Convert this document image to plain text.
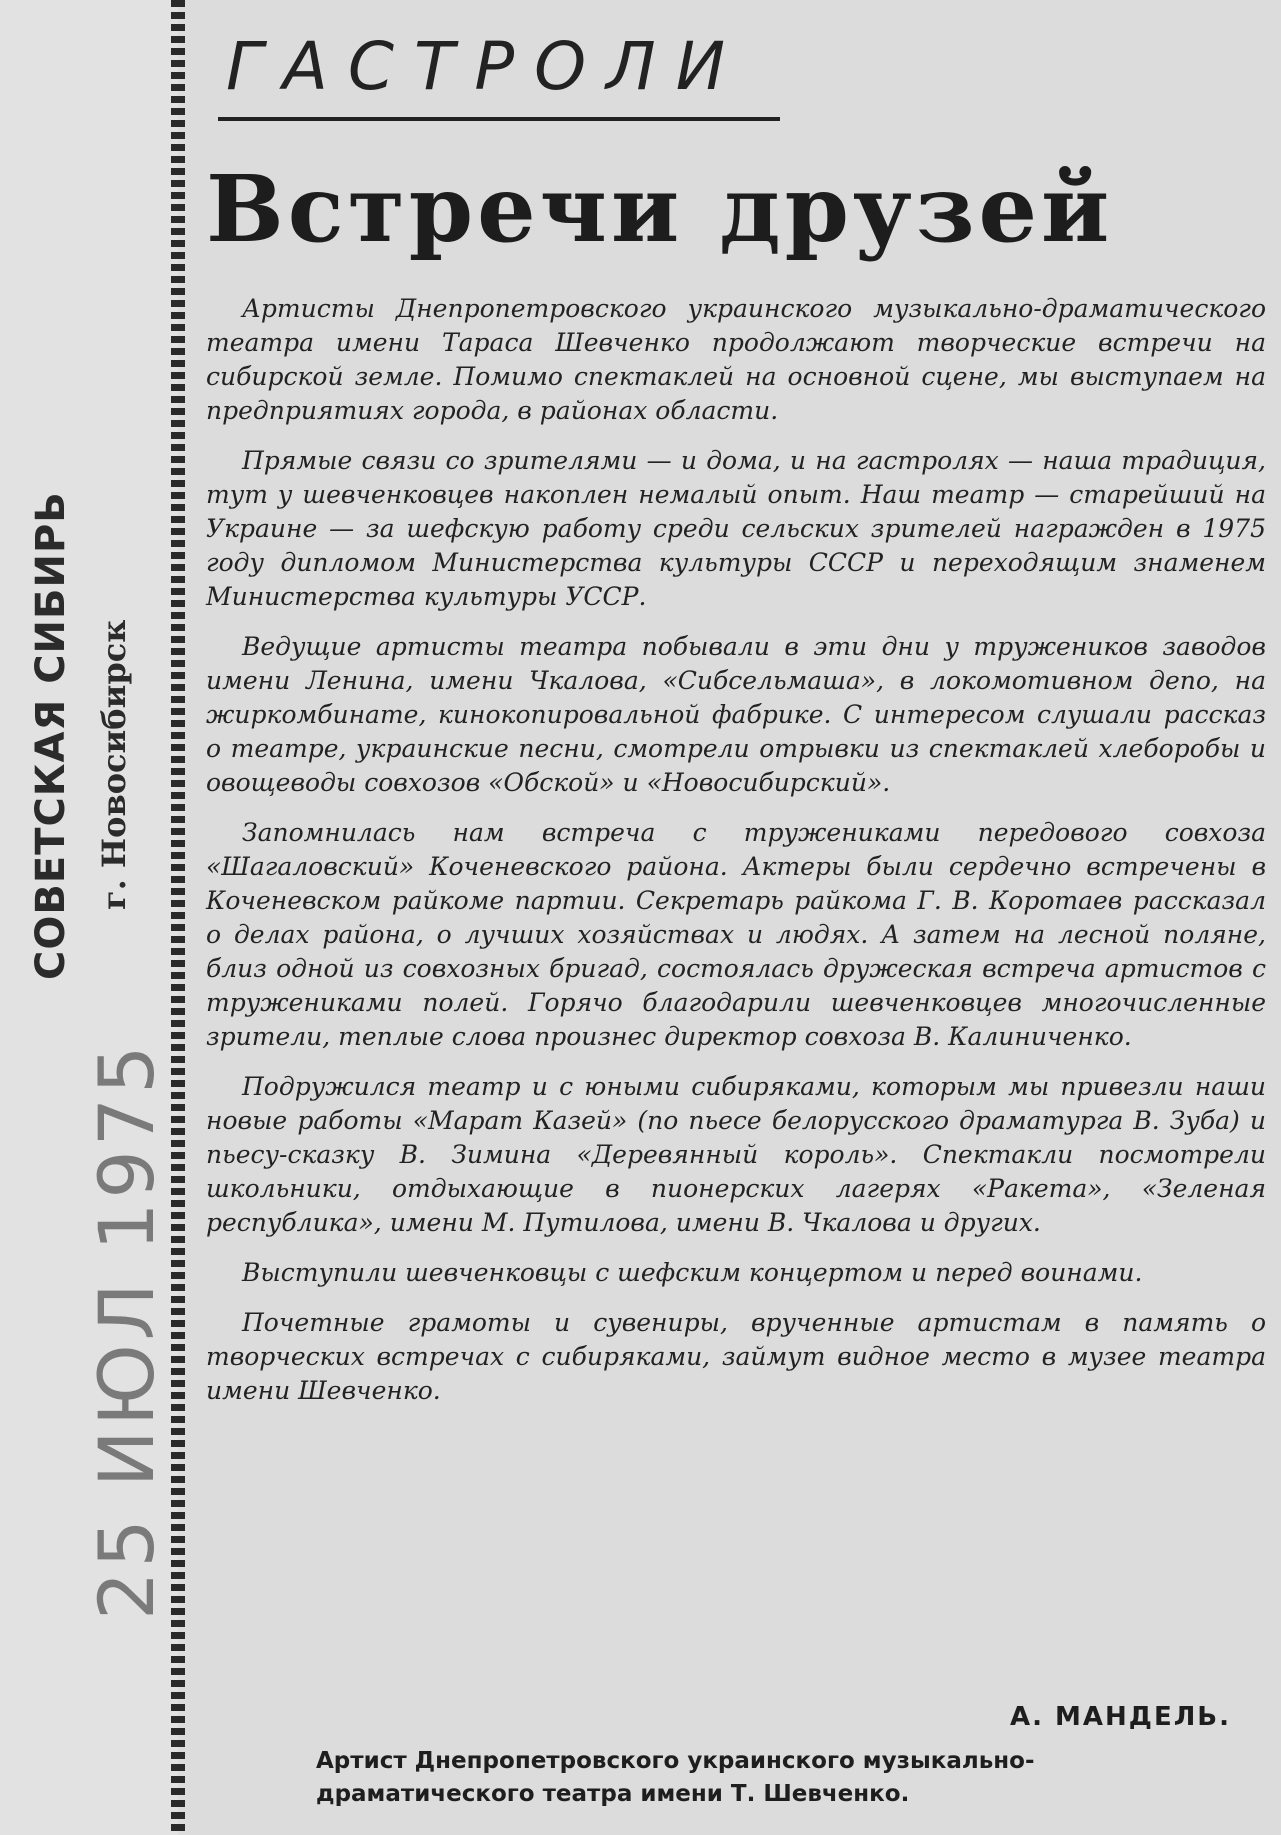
СОВЕТСКАЯ СИБИРЬ г. Новосибирск
25 ИЮЛ 1975
ГАСТРОЛИ
Встречи друзей

Артисты Днепропетровского украинского музыкально-драматического театра имени Тараса Шевченко продолжают творческие встречи на сибирской земле. Помимо спектаклей на основной сцене, мы выступаем на предприятиях города, в районах области.

Прямые связи со зрителями — и дома, и на гастролях — наша традиция, тут у шевченковцев накоплен немалый опыт. Наш театр — старейший на Украине — за шефскую работу среди сельских зрителей награжден в 1975 году дипломом Министерства культуры СССР и переходящим знаменем Министерства культуры УССР.

Ведущие артисты театра побывали в эти дни у тружеников заводов имени Ленина, имени Чкалова, «Сибсельмаша», в локомотивном депо, на жиркомбинате, кинокопировальной фабрике. С интересом слушали рассказ о театре, украинские песни, смотрели отрывки из спектаклей хлеборобы и овощеводы совхозов «Обской» и «Новосибирский».

Запомнилась нам встреча с тружениками передового совхоза «Шагаловский» Коченевского района. Актеры были сердечно встречены в Коченевском райкоме партии. Секретарь райкома Г. В. Коротаев рассказал о делах района, о лучших хозяйствах и людях. А затем на лесной поляне, близ одной из совхозных бригад, состоялась дружеская встреча артистов с тружениками полей. Горячо благодарили шевченковцев многочисленные зрители, теплые слова произнес директор совхоза В. Калиниченко.

Подружился театр и с юными сибиряками, которым мы привезли наши новые работы «Марат Казей» (по пьесе белорусского драматурга В. Зуба) и пьесу-сказку В. Зимина «Деревянный король». Спектакли посмотрели школьники, отдыхающие в пионерских лагерях «Ракета», «Зеленая республика», имени М. Путилова, имени В. Чкалова и других.

Выступили шевченковцы с шефским концертом и перед воинами.

Почетные грамоты и сувениры, врученные артистам в память о творческих встречах с сибиряками, займут видное место в музее театра имени Шевченко.

А. МАНДЕЛЬ.
Артист Днепропетровского украинского музыкально-драматического театра имени Т. Шевченко.
